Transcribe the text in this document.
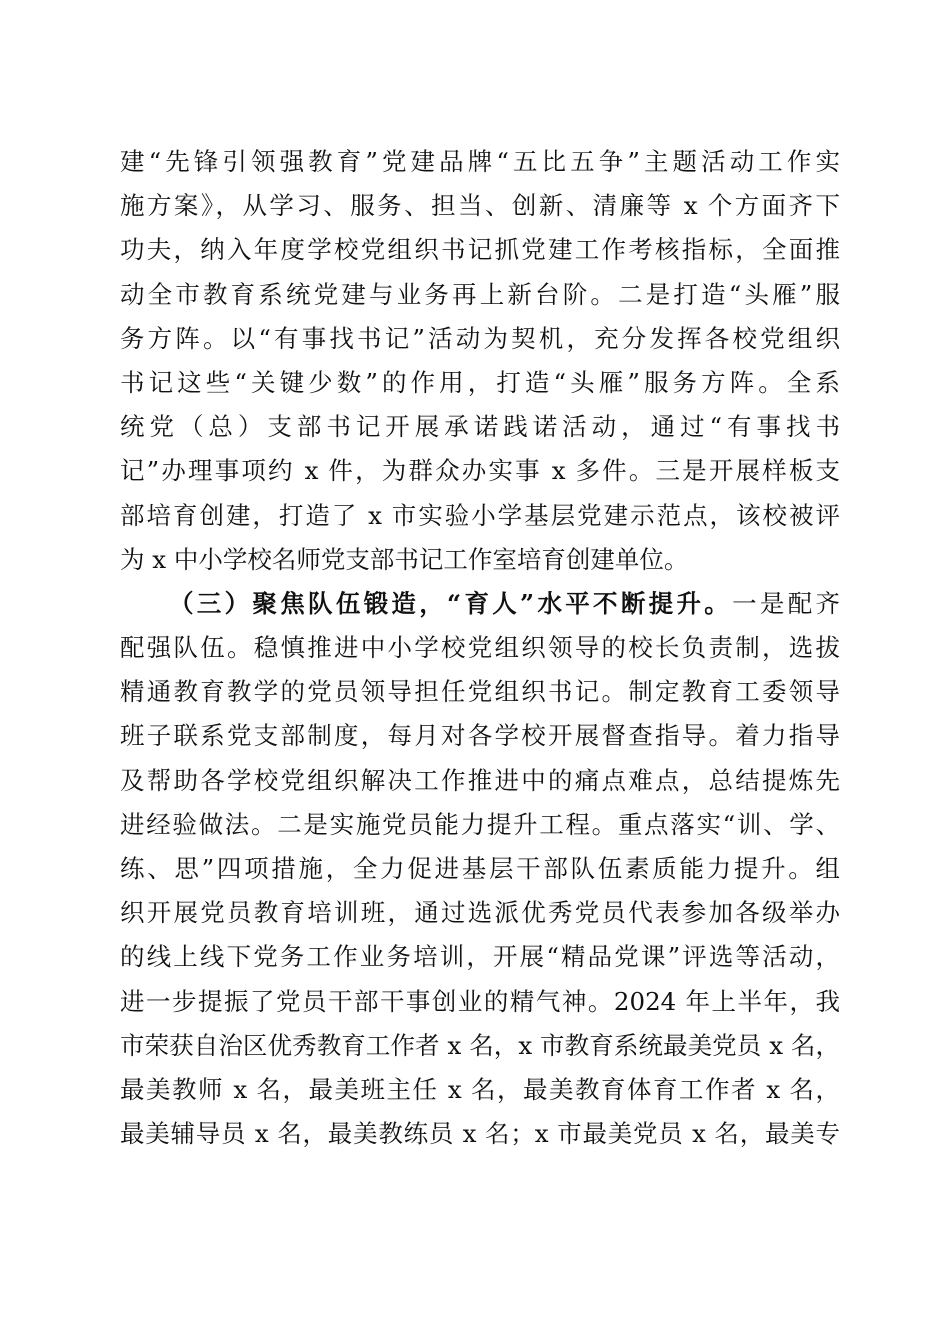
建“先锋引领强教育”党建品牌“五比五争”主题活动工作实
施方案》，从学习、服务、担当、创新、清廉等 x 个方面齐下
功夫，纳入年度学校党组织书记抓党建工作考核指标，全面推
动全市教育系统党建与业务再上新台阶。二是打造“头雁”服
务方阵。以“有事找书记”活动为契机，充分发挥各校党组织
书记这些“关键少数”的作用，打造“头雁”服务方阵。全系
统党（总）支部书记开展承诺践诺活动，通过“有事找书
记”办理事项约 x 件，为群众办实事 x 多件。三是开展样板支
部培育创建，打造了 x 市实验小学基层党建示范点，该校被评
为 x 中小学校名师党支部书记工作室培育创建单位。
（三）聚焦队伍锻造，“育人”水平不断提升。一是配齐
配强队伍。稳慎推进中小学校党组织领导的校长负责制，选拔
精通教育教学的党员领导担任党组织书记。制定教育工委领导
班子联系党支部制度，每月对各学校开展督查指导。着力指导
及帮助各学校党组织解决工作推进中的痛点难点，总结提炼先
进经验做法。二是实施党员能力提升工程。重点落实“训、学、
练、思”四项措施，全力促进基层干部队伍素质能力提升。组
织开展党员教育培训班，通过选派优秀党员代表参加各级举办
的线上线下党务工作业务培训，开展“精品党课”评选等活动，
进一步提振了党员干部干事创业的精气神。2024 年上半年，我
市荣获自治区优秀教育工作者 x 名，x 市教育系统最美党员 x 名，
最美教师 x 名，最美班主任 x 名，最美教育体育工作者 x 名，
最美辅导员 x 名，最美教练员 x 名；x 市最美党员 x 名，最美专
